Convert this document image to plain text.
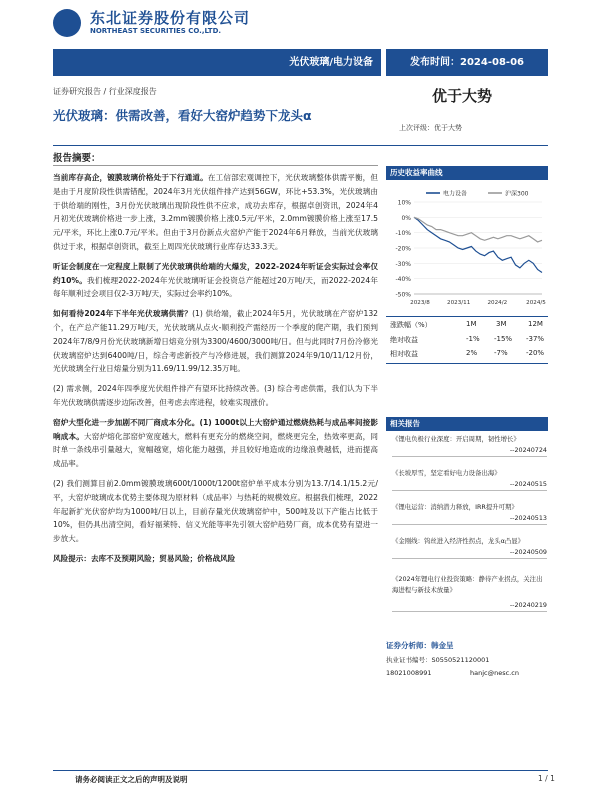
东北证券股份有限公司
NORTHEAST SECURITIES CO.,LTD.
光伏玻璃/电力设备	发布时间：2024-08-06
证券研究报告 / 行业深度报告
光伏玻璃：供需改善，看好大窑炉趋势下龙头α
优于大势
上次评级：优于大势
报告摘要：

当前库存高企，镀膜玻璃价格处于下行通道。在工信部宏观调控下，光伏玻璃整体供需平衡，但是由于月度阶段性供需错配，2024年3月光伏组件排产达到56GW，环比+53.3%，光伏玻璃由于供给端的刚性，3月份光伏玻璃出现阶段性供不应求，成功去库存，根据卓创资讯，2024年4月初光伏玻璃价格进一步上涨，3.2mm镀膜价格上涨0.5元/平米，2.0mm镀膜价格上涨至17.5元/平米，环比上涨0.7元/平米。但由于3月份新点火窑炉产能于2024年6月释放，当前光伏玻璃供过于求，根据卓创资讯，截至上周四光伏玻璃行业库存达33.3天。

听证会制度在一定程度上限制了光伏玻璃供给端的大爆发，2022-2024年听证会实际过会率仅约10%。我们梳理2022-2024年光伏玻璃听证会投资总产能超过20万吨/天，而2022-2024年每年顺利过会项目仅2-3万吨/天，实际过会率约10%。

如何看待2024年下半年光伏玻璃供需？(1) 供给端，截止2024年5月，光伏玻璃在产窑炉132个，在产总产能11.29万吨/天，光伏玻璃从点火-顺利投产需经历一个季度的爬产期，我们预判2024年7/8/9月份光伏玻璃新增日熔竞分别为3300/4600/3000吨/日。但与此同时7月份冷修光伏玻璃窑炉达到6400吨/日，综合考虑新投产与冷修进展，我们测算2024年9/10/11/12月份，光伏玻璃全行业日熔量分别为11.69/11.99/12.35万吨。

(2) 需求侧，2024年四季度光伏组件排产有望环比持续改善。(3) 综合考虑供需，我们认为下半年光伏玻璃供需逐步边际改善，但考虑去库进程，较难实现涨价。

窑炉大型化进一步加剧不同厂商成本分化。(1) 1000t以上大窑炉通过燃烧热耗与成品率间接影响成本。大窑炉熔化部窑炉宽度越大，燃料有更充分的燃烧空间，燃烧更完全，热效率更高，同时单一条线串引量越大，宽幅越宽，熔化能力越强，并且较好地造成的边缘浪费越低，进而提高成品率。

(2) 我们测算目前2.0mm镀膜玻璃600t/1000t/1200t窑炉单平成本分别为13.7/14.1/15.2元/平，大窑炉玻璃成本优势主要体现为原材料（成品率）与热耗的规模效应。根据我们梳理，2022年起新扩光伏窑炉均为1000吨/日以上，目前存量光伏玻璃窑炉中，500吨及以下产能占比低于10%，但仍具出清空间，看好福莱特、信义光能等率先引领大窑炉趋势厂商，成本优势有望进一步放大。

风险提示：去库不及预期风险；贸易风险；价格战风险

历史收益率曲线
10%
0%
-10%
-20%
-30%
-40%
-50%
2023/8	2023/11	2024/2	2024/5
电力设备	沪深300
涨跌幅（%）	1M	3M	12M
绝对收益	-1% -15% -37%
相对收益	2% -7%	-20%
相关报告
《锂电负极行业深度：开启周期，韧性增长》
--20240724
《长坡厚雪，坚定看好电力设备出海》
--20240515
《锂电运营：消纳潜力释放，IRR提升可期》
--20240513
《金刚线：钨丝进入经济性拐点，龙头α凸显》
--20240509
《2024年锂电行业投资策略：静待产业拐点，关注出海进程与新技术放量》
--20240219
证券分析师：韩金呈
执业证书编号：S0550521120001
18021008991	hanjc@nesc.cn
请务必阅读正文之后的声明及说明	1 / 1
